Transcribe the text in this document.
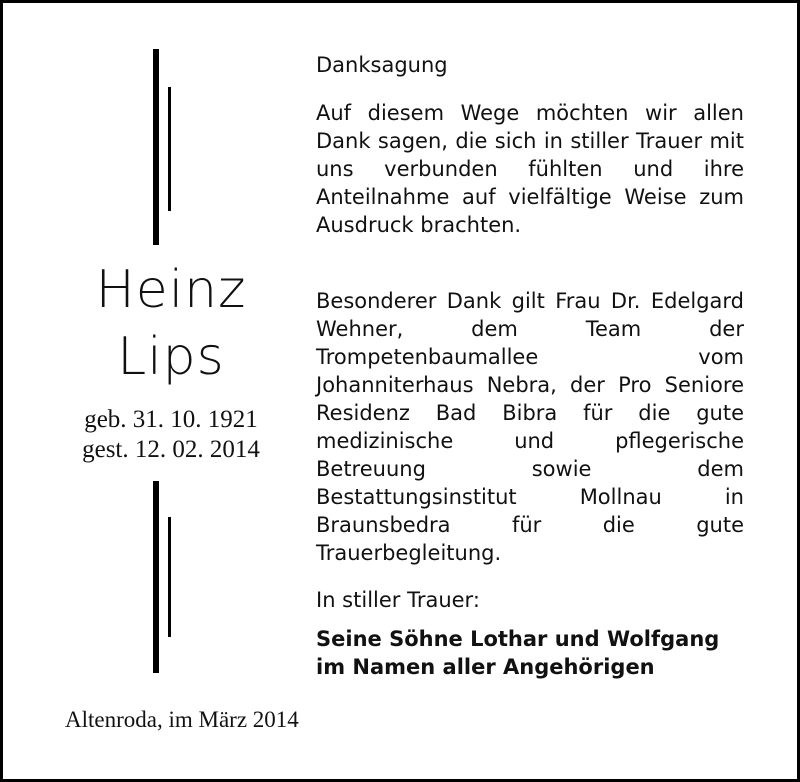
Heinz
Lips
geb. 31. 10. 1921
gest. 12. 02. 2014
Danksagung
Auf diesem Wege möchten wir allen Dank sagen, die sich in stiller Trauer mit uns verbunden fühlten und ihre Anteilnahme auf vielfältige Weise zum Ausdruck brachten.
Besonderer Dank gilt Frau Dr. Edelgard Wehner, dem Team der Trompetenbaumallee vom Johanniterhaus Nebra, der Pro Seniore Residenz Bad Bibra für die gute medizinische und pflegerische Betreuung sowie dem Bestattungsinstitut Mollnau in Braunsbedra für die gute Trauerbegleitung.
In stiller Trauer:
Seine Söhne Lothar und Wolfgang
im Namen aller Angehörigen
Altenroda, im März 2014
